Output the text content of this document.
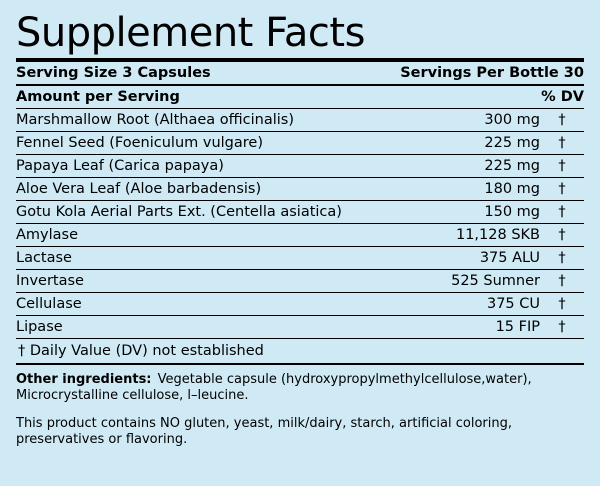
Supplement Facts
Serving Size 3 Capsules	Servings Per Bottle 30
Amount per Serving	% DV
Marshmallow Root (Althaea officinalis)	300 mg	†
Fennel Seed (Foeniculum vulgare)	225 mg	†
Papaya Leaf (Carica papaya)	225 mg	†
Aloe Vera Leaf (Aloe barbadensis)	180 mg	†
Gotu Kola Aerial Parts Ext. (Centella asiatica)	150 mg	†
Amylase	11,128 SKB	†
Lactase	375 ALU	†
Invertase	525 Sumner	†
Cellulase	375 CU	†
Lipase	15 FIP	†
† Daily Value (DV) not established
Other ingredients: Vegetable capsule (hydroxypropylmethylcellulose,water), Microcrystalline cellulose, l–leucine.
This product contains NO gluten, yeast, milk/dairy, starch, artificial coloring, preservatives or flavoring.
